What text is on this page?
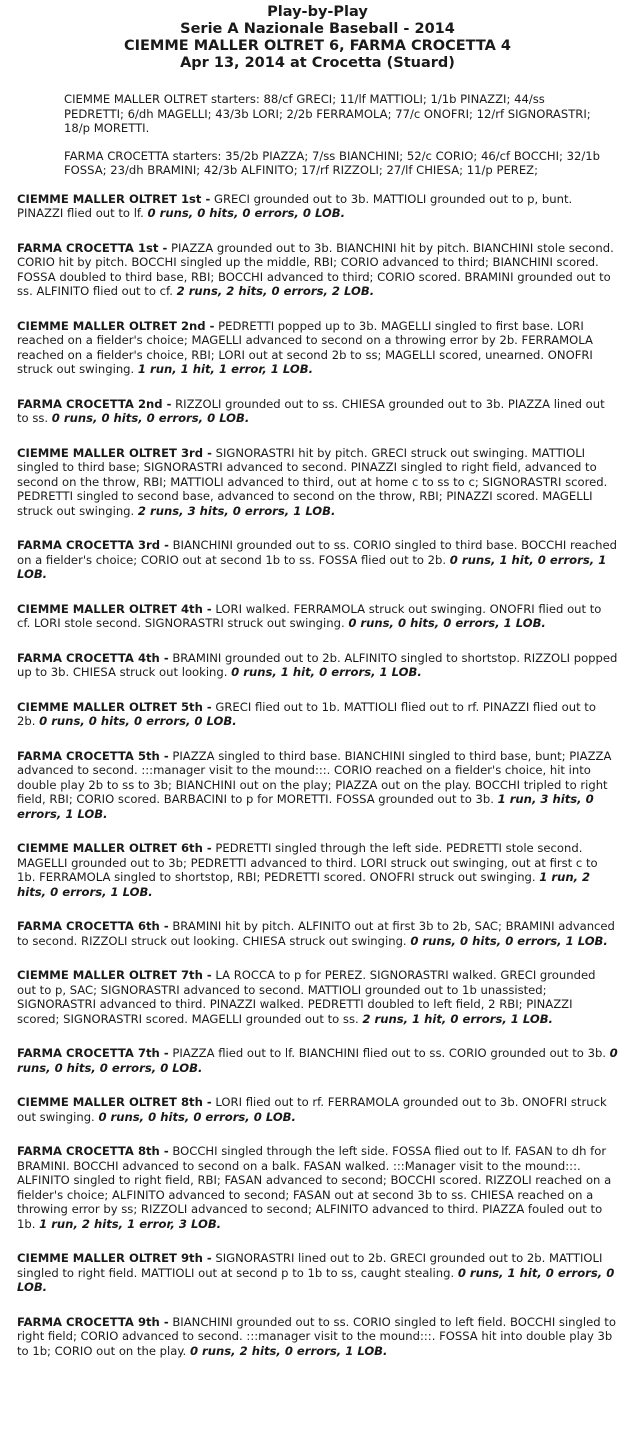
Play-by-Play
Serie A Nazionale Baseball - 2014
CIEMME MALLER OLTRET 6, FARMA CROCETTA 4
Apr 13, 2014 at Crocetta (Stuard)
CIEMME MALLER OLTRET starters: 88/cf GRECI; 11/lf MATTIOLI; 1/1b PINAZZI; 44/ss PEDRETTI; 6/dh MAGELLI; 43/3b LORI; 2/2b FERRAMOLA; 77/c ONOFRI; 12/rf SIGNORASTRI; 18/p MORETTI.
FARMA CROCETTA starters: 35/2b PIAZZA; 7/ss BIANCHINI; 52/c CORIO; 46/cf BOCCHI; 32/1b FOSSA; 23/dh BRAMINI; 42/3b ALFINITO; 17/rf RIZZOLI; 27/lf CHIESA; 11/p PEREZ;
CIEMME MALLER OLTRET 1st - GRECI grounded out to 3b. MATTIOLI grounded out to p, bunt. PINAZZI flied out to lf. 0 runs, 0 hits, 0 errors, 0 LOB.
FARMA CROCETTA 1st - PIAZZA grounded out to 3b. BIANCHINI hit by pitch. BIANCHINI stole second. CORIO hit by pitch. BOCCHI singled up the middle, RBI; CORIO advanced to third; BIANCHINI scored. FOSSA doubled to third base, RBI; BOCCHI advanced to third; CORIO scored. BRAMINI grounded out to ss. ALFINITO flied out to cf. 2 runs, 2 hits, 0 errors, 2 LOB.
CIEMME MALLER OLTRET 2nd - PEDRETTI popped up to 3b. MAGELLI singled to first base. LORI reached on a fielder's choice; MAGELLI advanced to second on a throwing error by 2b. FERRAMOLA reached on a fielder's choice, RBI; LORI out at second 2b to ss; MAGELLI scored, unearned. ONOFRI struck out swinging. 1 run, 1 hit, 1 error, 1 LOB.
FARMA CROCETTA 2nd - RIZZOLI grounded out to ss. CHIESA grounded out to 3b. PIAZZA lined out to ss. 0 runs, 0 hits, 0 errors, 0 LOB.
CIEMME MALLER OLTRET 3rd - SIGNORASTRI hit by pitch. GRECI struck out swinging. MATTIOLI singled to third base; SIGNORASTRI advanced to second. PINAZZI singled to right field, advanced to second on the throw, RBI; MATTIOLI advanced to third, out at home c to ss to c; SIGNORASTRI scored. PEDRETTI singled to second base, advanced to second on the throw, RBI; PINAZZI scored. MAGELLI struck out swinging. 2 runs, 3 hits, 0 errors, 1 LOB.
FARMA CROCETTA 3rd - BIANCHINI grounded out to ss. CORIO singled to third base. BOCCHI reached on a fielder's choice; CORIO out at second 1b to ss. FOSSA flied out to 2b. 0 runs, 1 hit, 0 errors, 1 LOB.
CIEMME MALLER OLTRET 4th - LORI walked. FERRAMOLA struck out swinging. ONOFRI flied out to cf. LORI stole second. SIGNORASTRI struck out swinging. 0 runs, 0 hits, 0 errors, 1 LOB.
FARMA CROCETTA 4th - BRAMINI grounded out to 2b. ALFINITO singled to shortstop. RIZZOLI popped up to 3b. CHIESA struck out looking. 0 runs, 1 hit, 0 errors, 1 LOB.
CIEMME MALLER OLTRET 5th - GRECI flied out to 1b. MATTIOLI flied out to rf. PINAZZI flied out to 2b. 0 runs, 0 hits, 0 errors, 0 LOB.
FARMA CROCETTA 5th - PIAZZA singled to third base. BIANCHINI singled to third base, bunt; PIAZZA advanced to second. :::manager visit to the mound:::. CORIO reached on a fielder's choice, hit into double play 2b to ss to 3b; BIANCHINI out on the play; PIAZZA out on the play. BOCCHI tripled to right field, RBI; CORIO scored. BARBACINI to p for MORETTI. FOSSA grounded out to 3b. 1 run, 3 hits, 0 errors, 1 LOB.
CIEMME MALLER OLTRET 6th - PEDRETTI singled through the left side. PEDRETTI stole second. MAGELLI grounded out to 3b; PEDRETTI advanced to third. LORI struck out swinging, out at first c to 1b. FERRAMOLA singled to shortstop, RBI; PEDRETTI scored. ONOFRI struck out swinging. 1 run, 2 hits, 0 errors, 1 LOB.
FARMA CROCETTA 6th - BRAMINI hit by pitch. ALFINITO out at first 3b to 2b, SAC; BRAMINI advanced to second. RIZZOLI struck out looking. CHIESA struck out swinging. 0 runs, 0 hits, 0 errors, 1 LOB.
CIEMME MALLER OLTRET 7th - LA ROCCA to p for PEREZ. SIGNORASTRI walked. GRECI grounded out to p, SAC; SIGNORASTRI advanced to second. MATTIOLI grounded out to 1b unassisted; SIGNORASTRI advanced to third. PINAZZI walked. PEDRETTI doubled to left field, 2 RBI; PINAZZI scored; SIGNORASTRI scored. MAGELLI grounded out to ss. 2 runs, 1 hit, 0 errors, 1 LOB.
FARMA CROCETTA 7th - PIAZZA flied out to lf. BIANCHINI flied out to ss. CORIO grounded out to 3b. 0 runs, 0 hits, 0 errors, 0 LOB.
CIEMME MALLER OLTRET 8th - LORI flied out to rf. FERRAMOLA grounded out to 3b. ONOFRI struck out swinging. 0 runs, 0 hits, 0 errors, 0 LOB.
FARMA CROCETTA 8th - BOCCHI singled through the left side. FOSSA flied out to lf. FASAN to dh for BRAMINI. BOCCHI advanced to second on a balk. FASAN walked. :::Manager visit to the mound:::. ALFINITO singled to right field, RBI; FASAN advanced to second; BOCCHI scored. RIZZOLI reached on a fielder's choice; ALFINITO advanced to second; FASAN out at second 3b to ss. CHIESA reached on a throwing error by ss; RIZZOLI advanced to second; ALFINITO advanced to third. PIAZZA fouled out to 1b. 1 run, 2 hits, 1 error, 3 LOB.
CIEMME MALLER OLTRET 9th - SIGNORASTRI lined out to 2b. GRECI grounded out to 2b. MATTIOLI singled to right field. MATTIOLI out at second p to 1b to ss, caught stealing. 0 runs, 1 hit, 0 errors, 0 LOB.
FARMA CROCETTA 9th - BIANCHINI grounded out to ss. CORIO singled to left field. BOCCHI singled to right field; CORIO advanced to second. :::manager visit to the mound:::. FOSSA hit into double play 3b to 1b; CORIO out on the play. 0 runs, 2 hits, 0 errors, 1 LOB.
